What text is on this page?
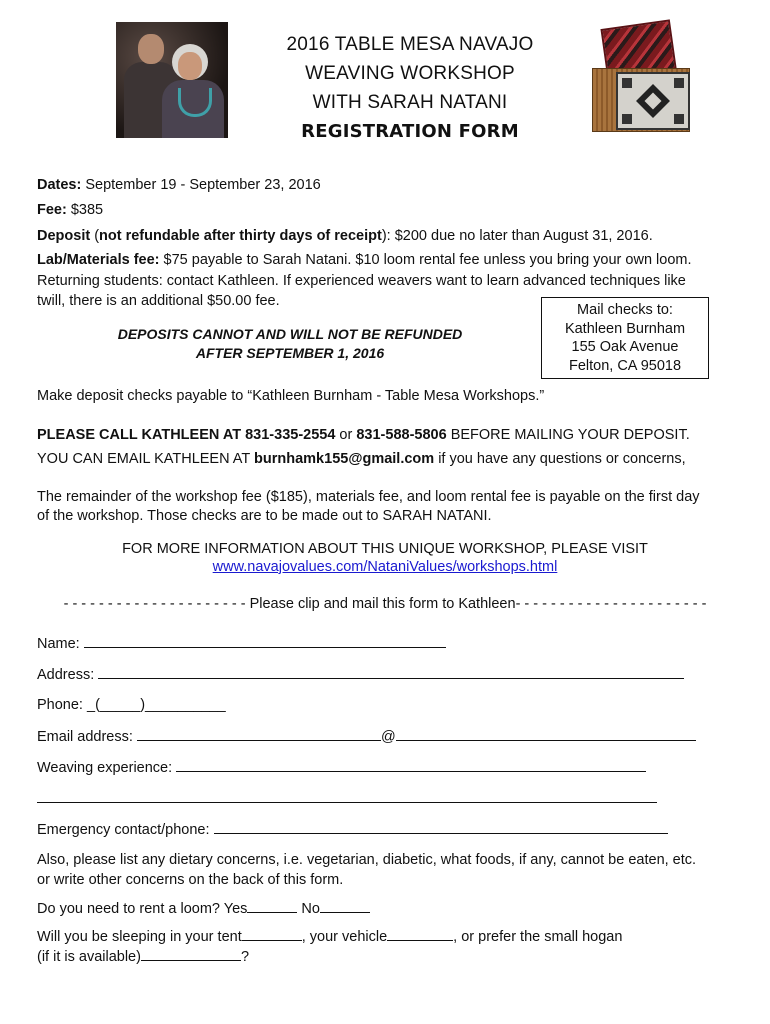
2016 TABLE MESA NAVAJO
WEAVING WORKSHOP
WITH SARAH NATANI
REGISTRATION FORM
Dates: September 19 - September 23, 2016
Fee: $385
Deposit (not refundable after thirty days of receipt): $200 due no later than August 31, 2016.
Lab/Materials fee: $75 payable to Sarah Natani. $10 loom rental fee unless you bring your own loom.
Returning students: contact Kathleen. If experienced weavers want to learn advanced techniques like
twill, there is an additional $50.00 fee.
Mail checks to:
Kathleen Burnham
155 Oak Avenue
Felton, CA 95018
DEPOSITS CANNOT AND WILL NOT BE REFUNDED
AFTER SEPTEMBER 1, 2016
Make deposit checks payable to “Kathleen Burnham - Table Mesa Workshops.”
PLEASE CALL KATHLEEN AT 831-335-2554 or 831-588-5806 BEFORE MAILING YOUR DEPOSIT.
YOU CAN EMAIL KATHLEEN AT burnhamk155@gmail.com if you have any questions or concerns,
The remainder of the workshop fee ($185), materials fee, and loom rental fee is payable on the first day
of the workshop. Those checks are to be made out to SARAH NATANI.
FOR MORE INFORMATION ABOUT THIS UNIQUE WORKSHOP, PLEASE VISIT
www.navajovalues.com/NataniValues/workshops.html
- - - - - - - - - - - - - - - - - - - - - Please clip and mail this form to Kathleen- - - - - - - - - - - - - - - - - - - - - -
Name:
Address:
Phone: _(_____)__________
Email address:	@
Weaving experience:
Emergency contact/phone:
Also, please list any dietary concerns, i.e. vegetarian, diabetic, what foods, if any, cannot be eaten, etc.
or write other concerns on the back of this form.
Do you need to rent a loom? Yes	No
Will you be sleeping in your tent	, your vehicle	, or prefer the small hogan
(if it is available)	?
